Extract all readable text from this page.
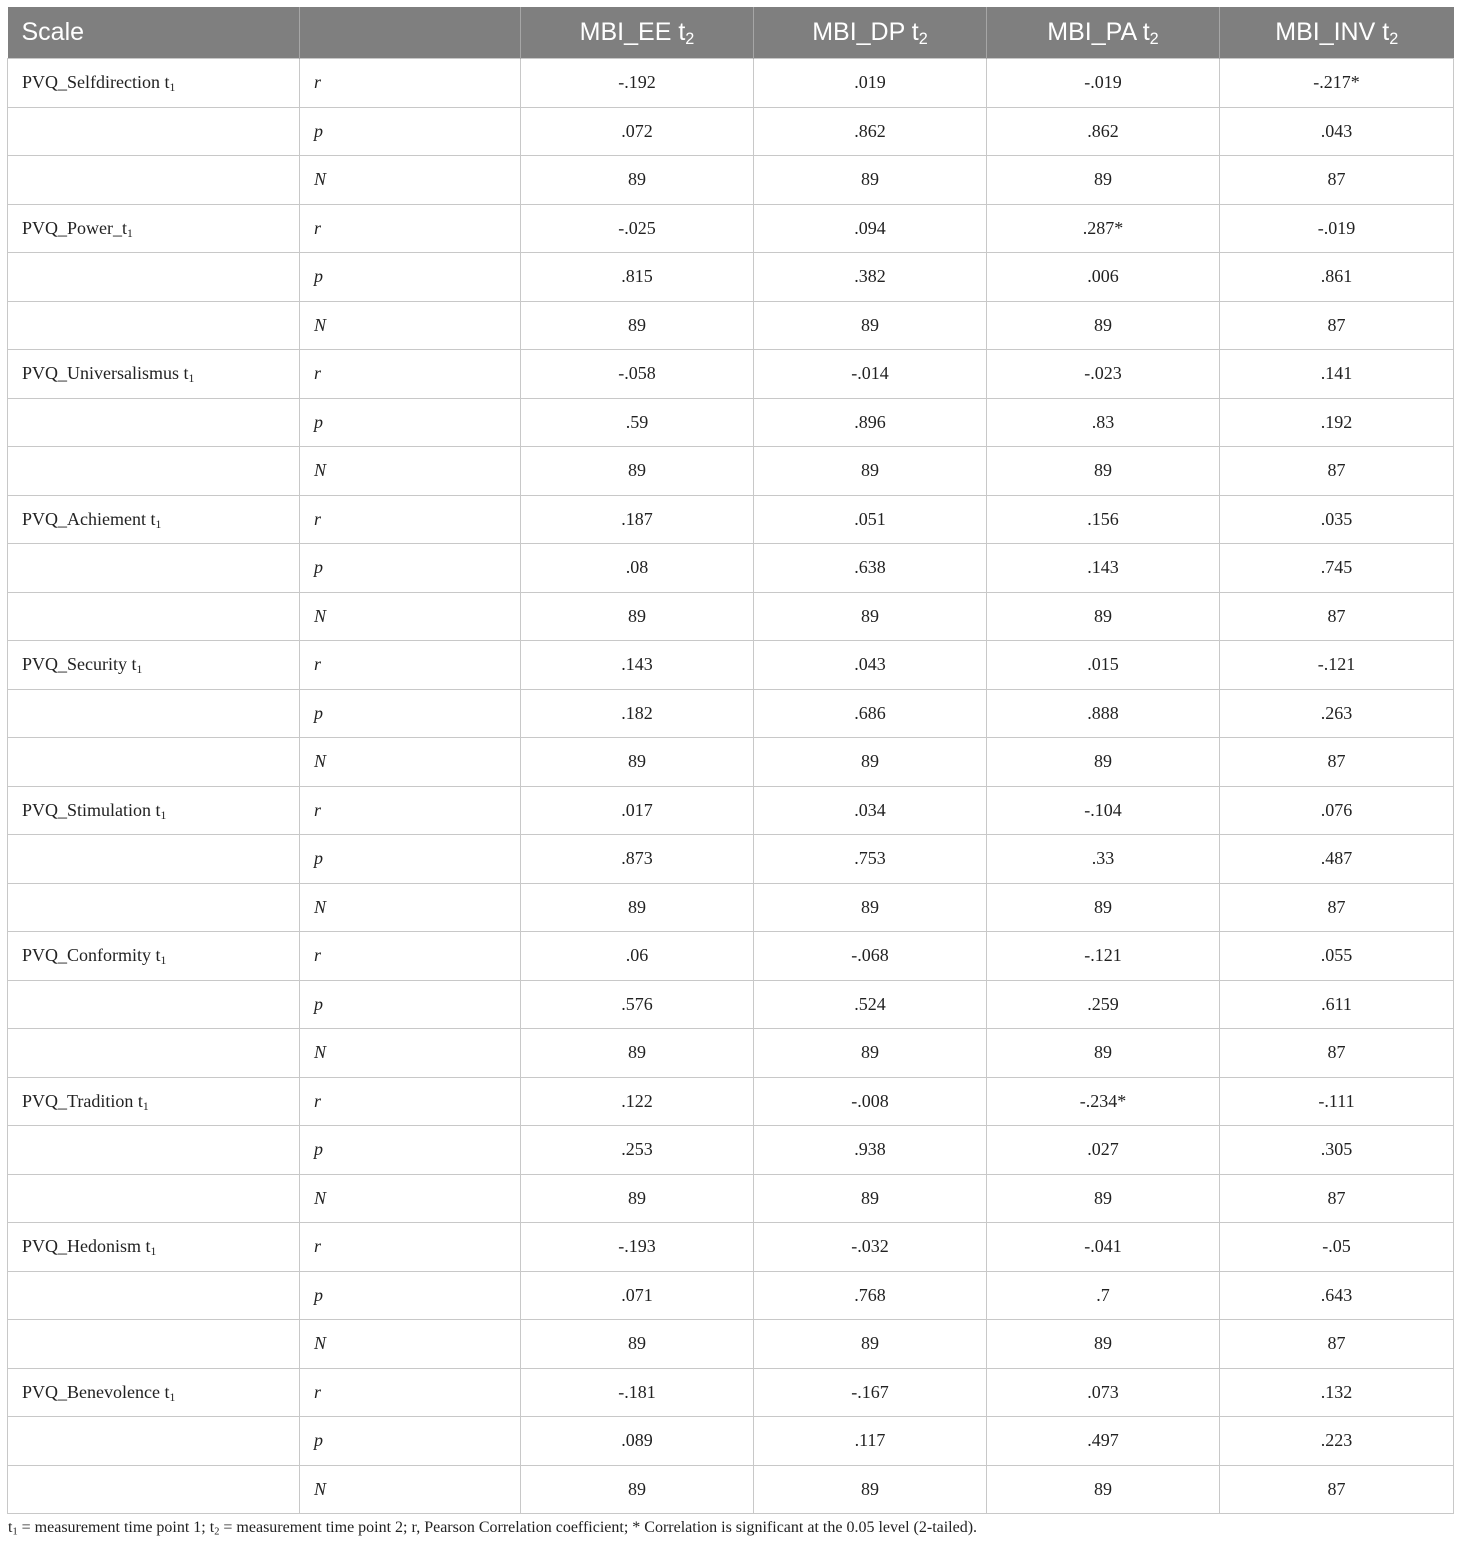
Scale		MBI_EE $t_2$	MBI_DP $t_2$	MBI_PA $t_2$	MBI_INV $t_2$
PVQ_Selfdirection $t_1$	r	-.192	.019	-.019	-.217*
	p	.072	.862	.862	.043
	N	89	89	89	87
$PVQ\_Power\_t_1$	r	-.025	.094	.287*	-.019
	p	.815	.382	.006	.861
	N	89	89	89	87
PVQ_Universalismus $t_1$	r	-.058	-.014	-.023	.141
	p	.59	.896	.83	.192
	N	89	89	89	87
PVQ_Achiement $t_1$	r	.187	.051	.156	.035
	p	.08	.638	.143	.745
	N	89	89	89	87
PVQ_Security $t_1$	r	.143	.043	.015	-.121
	p	.182	.686	.888	.263
	N	89	89	89	87
PVQ_Stimulation $t_1$	r	.017	.034	-.104	.076
	p	.873	.753	.33	.487
	N	89	89	89	87
PVQ_Conformity $t_1$	r	.06	-.068	-.121	.055
	p	.576	.524	.259	.611
	N	89	89	89	87
PVQ_Tradition $t_1$	r	.122	-.008	-.234*	-.111
	p	.253	.938	.027	.305
	N	89	89	89	87
PVQ_Hedonism $t_1$	r	-.193	-.032	-.041	-.05
	p	.071	.768	.7	.643
	N	89	89	89	87
PVQ_Benevolence $t_1$	r	-.181	-.167	.073	.132
	p	.089	.117	.497	.223
	N	89	89	89	87
$t_1$ = measurement time point 1; $t_2$ = measurement time point 2; r, Pearson Correlation coefficient; * Correlation is significant at the 0.05 level (2-tailed).
